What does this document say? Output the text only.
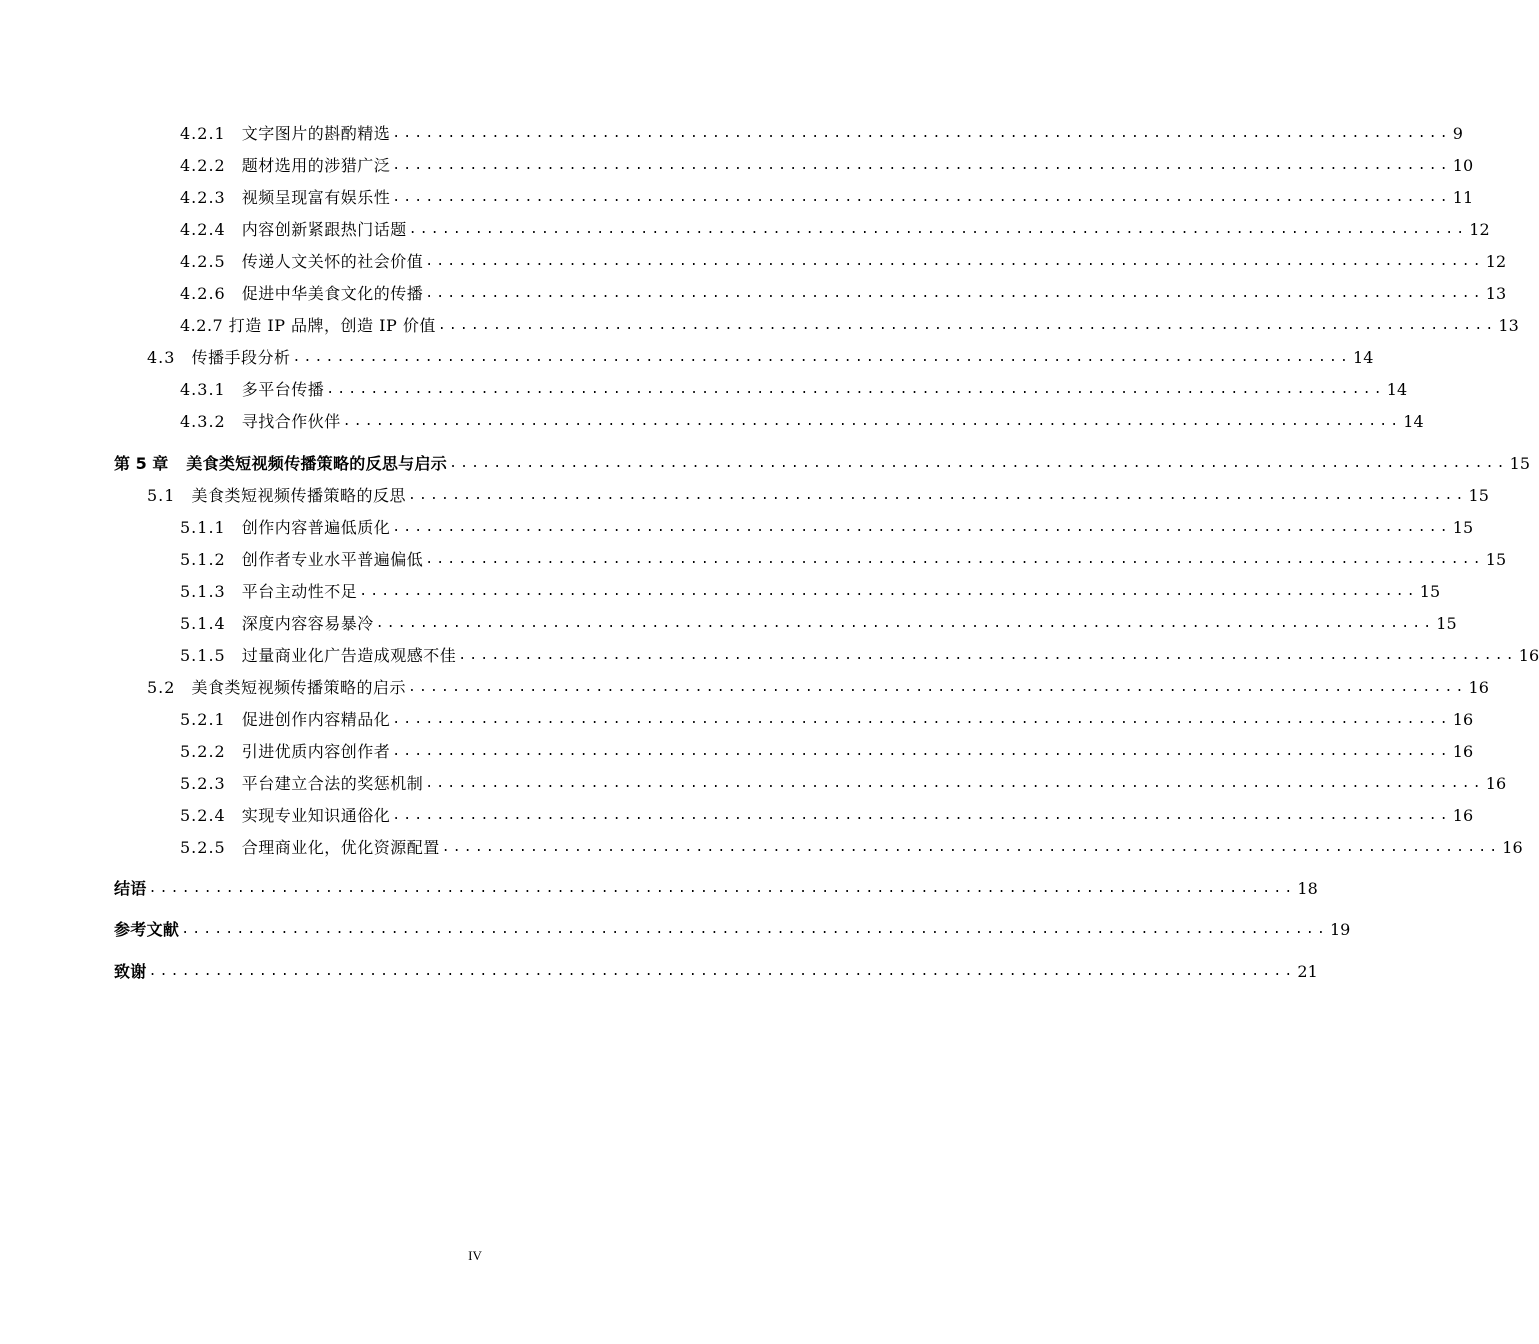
4.2.1 文字图片的斟酌精选 ................................................................................................ 9
4.2.2 题材选用的涉猎广泛 ................................................................................................ 10
4.2.3 视频呈现富有娱乐性 ................................................................................................ 11
4.2.4 内容创新紧跟热门话题 ................................................................................................ 12
4.2.5 传递人文关怀的社会价值 ................................................................................................ 12
4.2.6 促进中华美食文化的传播 ................................................................................................ 13
4.2.7 打造 IP 品牌，创造 IP 价值 ................................................................................................ 13
4.3 传播手段分析 ................................................................................................ 14
4.3.1 多平台传播 ................................................................................................ 14
4.3.2 寻找合作伙伴 ................................................................................................ 14
第 5 章 美食类短视频传播策略的反思与启示 ................................................................................................ 15
5.1 美食类短视频传播策略的反思 ................................................................................................ 15
5.1.1 创作内容普遍低质化 ................................................................................................ 15
5.1.2 创作者专业水平普遍偏低 ................................................................................................ 15
5.1.3 平台主动性不足 ................................................................................................ 15
5.1.4 深度内容容易暴冷 ................................................................................................ 15
5.1.5 过量商业化广告造成观感不佳 ................................................................................................ 16
5.2 美食类短视频传播策略的启示 ................................................................................................ 16
5.2.1 促进创作内容精品化 ................................................................................................ 16
5.2.2 引进优质内容创作者 ................................................................................................ 16
5.2.3 平台建立合法的奖惩机制 ................................................................................................ 16
5.2.4 实现专业知识通俗化 ................................................................................................ 16
5.2.5 合理商业化，优化资源配置 ................................................................................................ 16
结语 ........................................................................................................ 18
参考文献 ........................................................................................................ 19
致谢 ........................................................................................................ 21
IV
